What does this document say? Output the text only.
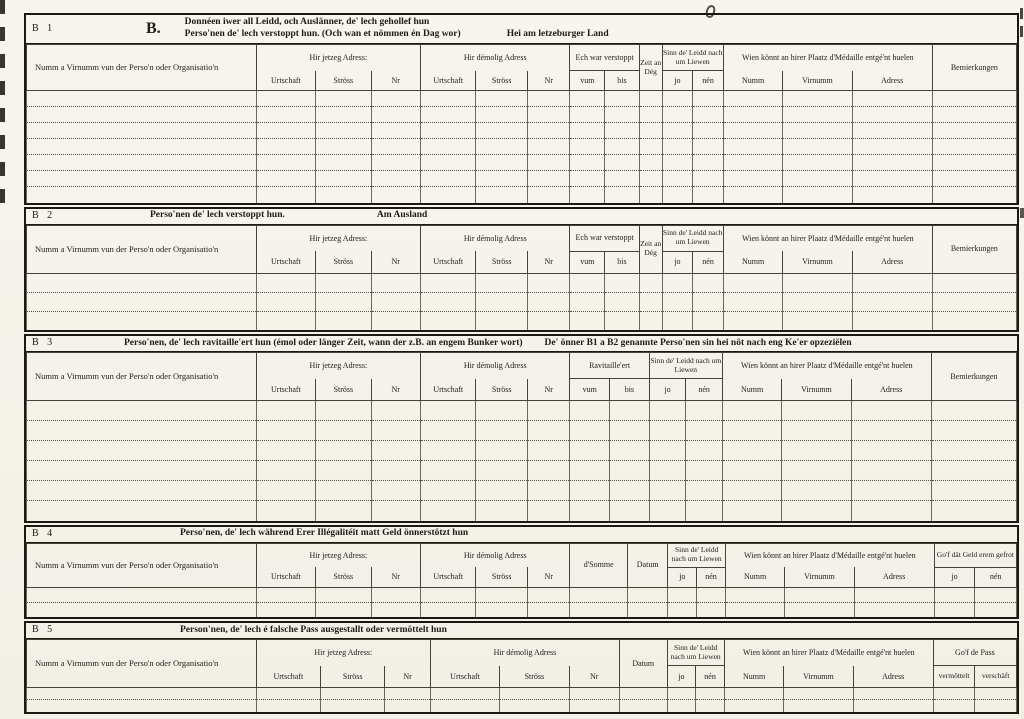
B 1	B.	Donnéen iwer all Leidd, och Auslänner, de' lech gehollef hun
Perso'nen de' lech verstoppt hun. (Och wan et nömmen én Dag wor)	Hei am letzeburger Land
Numm a Virnumm vun der Perso'n oder Organisatio'n	Hir jetzeg Adress:			Hir démolig Adress			Ech war verstoppt		Zeit an Dég	Sinn de' Leidd nach um Liewen		Wien könnt an hirer Plaatz d'Médaille entgé'nt huelen			Bemierkungen
	Urtschaft	Ströss	Nr	Urtschaft	Ströss	Nr	vum	bis		jo	nén	Numm	Virnumm	Adress	

B 2	Perso'nen de' lech verstoppt hun.	Am Ausland
Numm a Virnumm vun der Perso'n oder Organisatio'n	Hir jetzeg Adress:			Hir démolig Adress			Ech war verstoppt		Zeit an Dég	Sinn de' Leidd nach um Liewen		Wien könnt an hirer Plaatz d'Médaille entgé'nt huelen			Bemierkungen
	Urtschaft	Ströss	Nr	Urtschaft	Ströss	Nr	vum	bis		jo	nén	Numm	Virnumm	Adress	

B 3	Perso'nen, de' lech ravitaille'ert hun (émol oder länger Zeit, wann der z.B. an engem Bunker wort) De' önner B1 a B2 genannte Perso'nen sin hei nöt nach eng Ke'er opzeziëlen
Numm a Virnumm vun der Perso'n oder Organisatio'n	Hir jetzeg Adress:			Hir démolig Adress			Ravitaille'ert		Sinn de' Leidd nach um Liewen		Wien könnt an hirer Plaatz d'Médaille entgé'nt huelen			Bemierkungen
	Urtschaft	Ströss	Nr	Urtschaft	Ströss	Nr	vum	bis	jo	nén	Numm	Virnumm	Adress	

B 4	Perso'nen, de' lech während Erer Illégalitéit matt Geld önnerstötzt hun
Numm a Virnumm vun der Perso'n oder Organisatio'n	Hir jetzeg Adress:			Hir démolig Adress			d'Somme	Datum	Sinn de' Leidd nach um Liewen		Wien könnt an hirer Plaatz d'Médaille entgé'nt huelen			Go'f dät Geld erem gefrot	
	Urtschaft	Ströss	Nr	Urtschaft	Ströss	Nr			jo	nén	Numm	Virnumm	Adress	jo	nén

B 5	Person'nen, de' lech é falsche Pass ausgestallt oder vermöttelt hun
Numm a Virnumm vun der Perso'n oder Organisatio'n	Hir jetzeg Adress:			Hir démolig Adress			Datum	Sinn de' Leidd nach um Liewen		Wien könnt an hirer Plaatz d'Médaille entgé'nt huelen			Go'f de Pass	
	Urtschaft	Ströss	Nr	Urtschaft	Ströss	Nr		jo	nén	Numm	Virnumm	Adress	vermöttelt	verschäft
